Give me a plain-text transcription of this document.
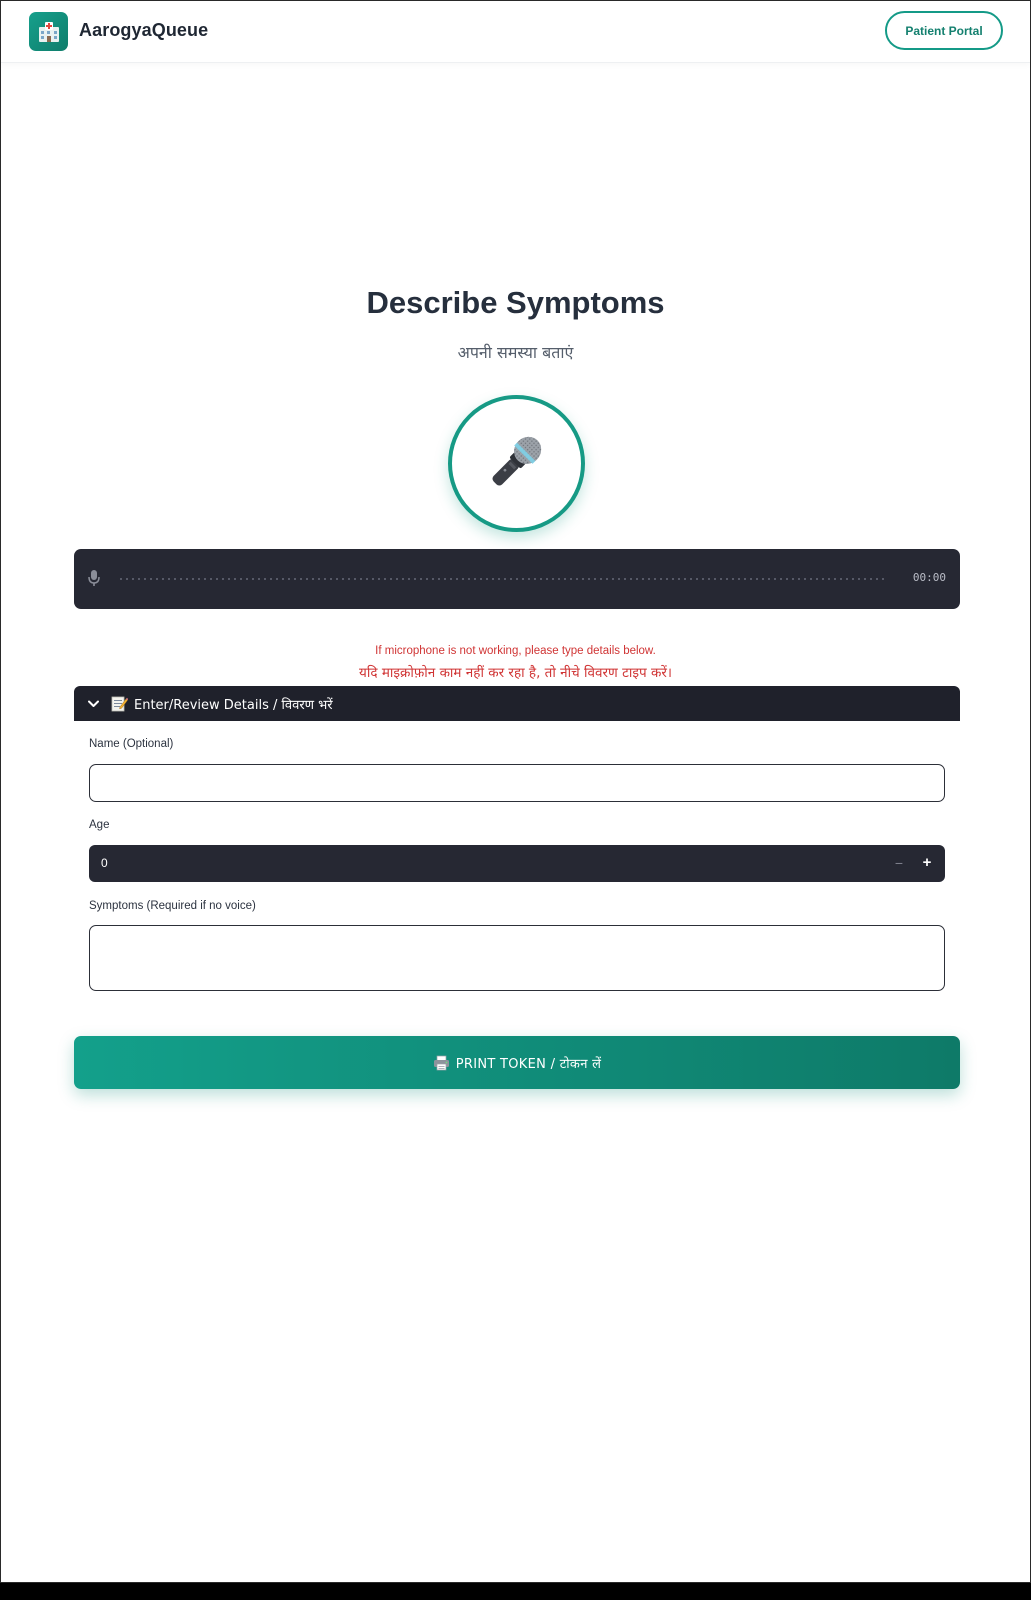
AarogyaQueue	Patient Portal
Describe Symptoms
अपनी समस्या बताएं
00:00
If microphone is not working, please type details below.
यदि माइक्रोफ़ोन काम नहीं कर रहा है, तो नीचे विवरण टाइप करें।
Enter/Review Details / विवरण भरें
Name (Optional)
Age
0	−	+
Symptoms (Required if no voice)
PRINT TOKEN / टोकन लें
